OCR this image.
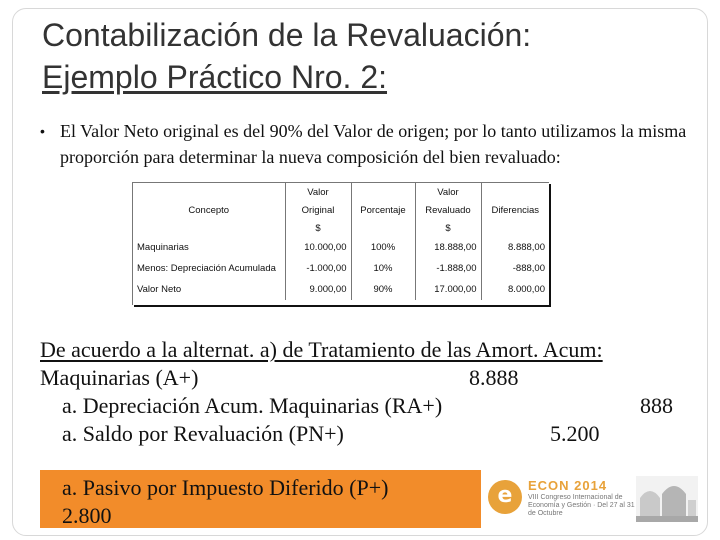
Contabilización de la Revaluación:
Ejemplo Práctico Nro. 2:
• El Valor Neto original es del 90% del Valor de origen; por lo tanto utilizamos la misma proporción para determinar la nueva composición del bien revaluado:
	Valor		Valor	
Concepto	Original	Porcentaje	Revaluado	Diferencias
	$		$	
Maquinarias	10.000,00	100%	18.888,00	8.888,00
Menos: Depreciación Acumulada	-1.000,00	10%	-1.888,00	-888,00
Valor Neto	9.000,00	90%	17.000,00	8.000,00
De acuerdo a la alternat. a) de Tratamiento de las Amort. Acum:
Maquinarias (A+)	8.888
a. Depreciación Acum. Maquinarias (RA+)	888
a. Saldo por Revaluación (PN+)	5.200
a. Pasivo por Impuesto Diferido (P+)
2.800
e	ECON 2014
VIII Congreso Internacional de Economía y Gestión · Del 27 al 31 de Octubre
